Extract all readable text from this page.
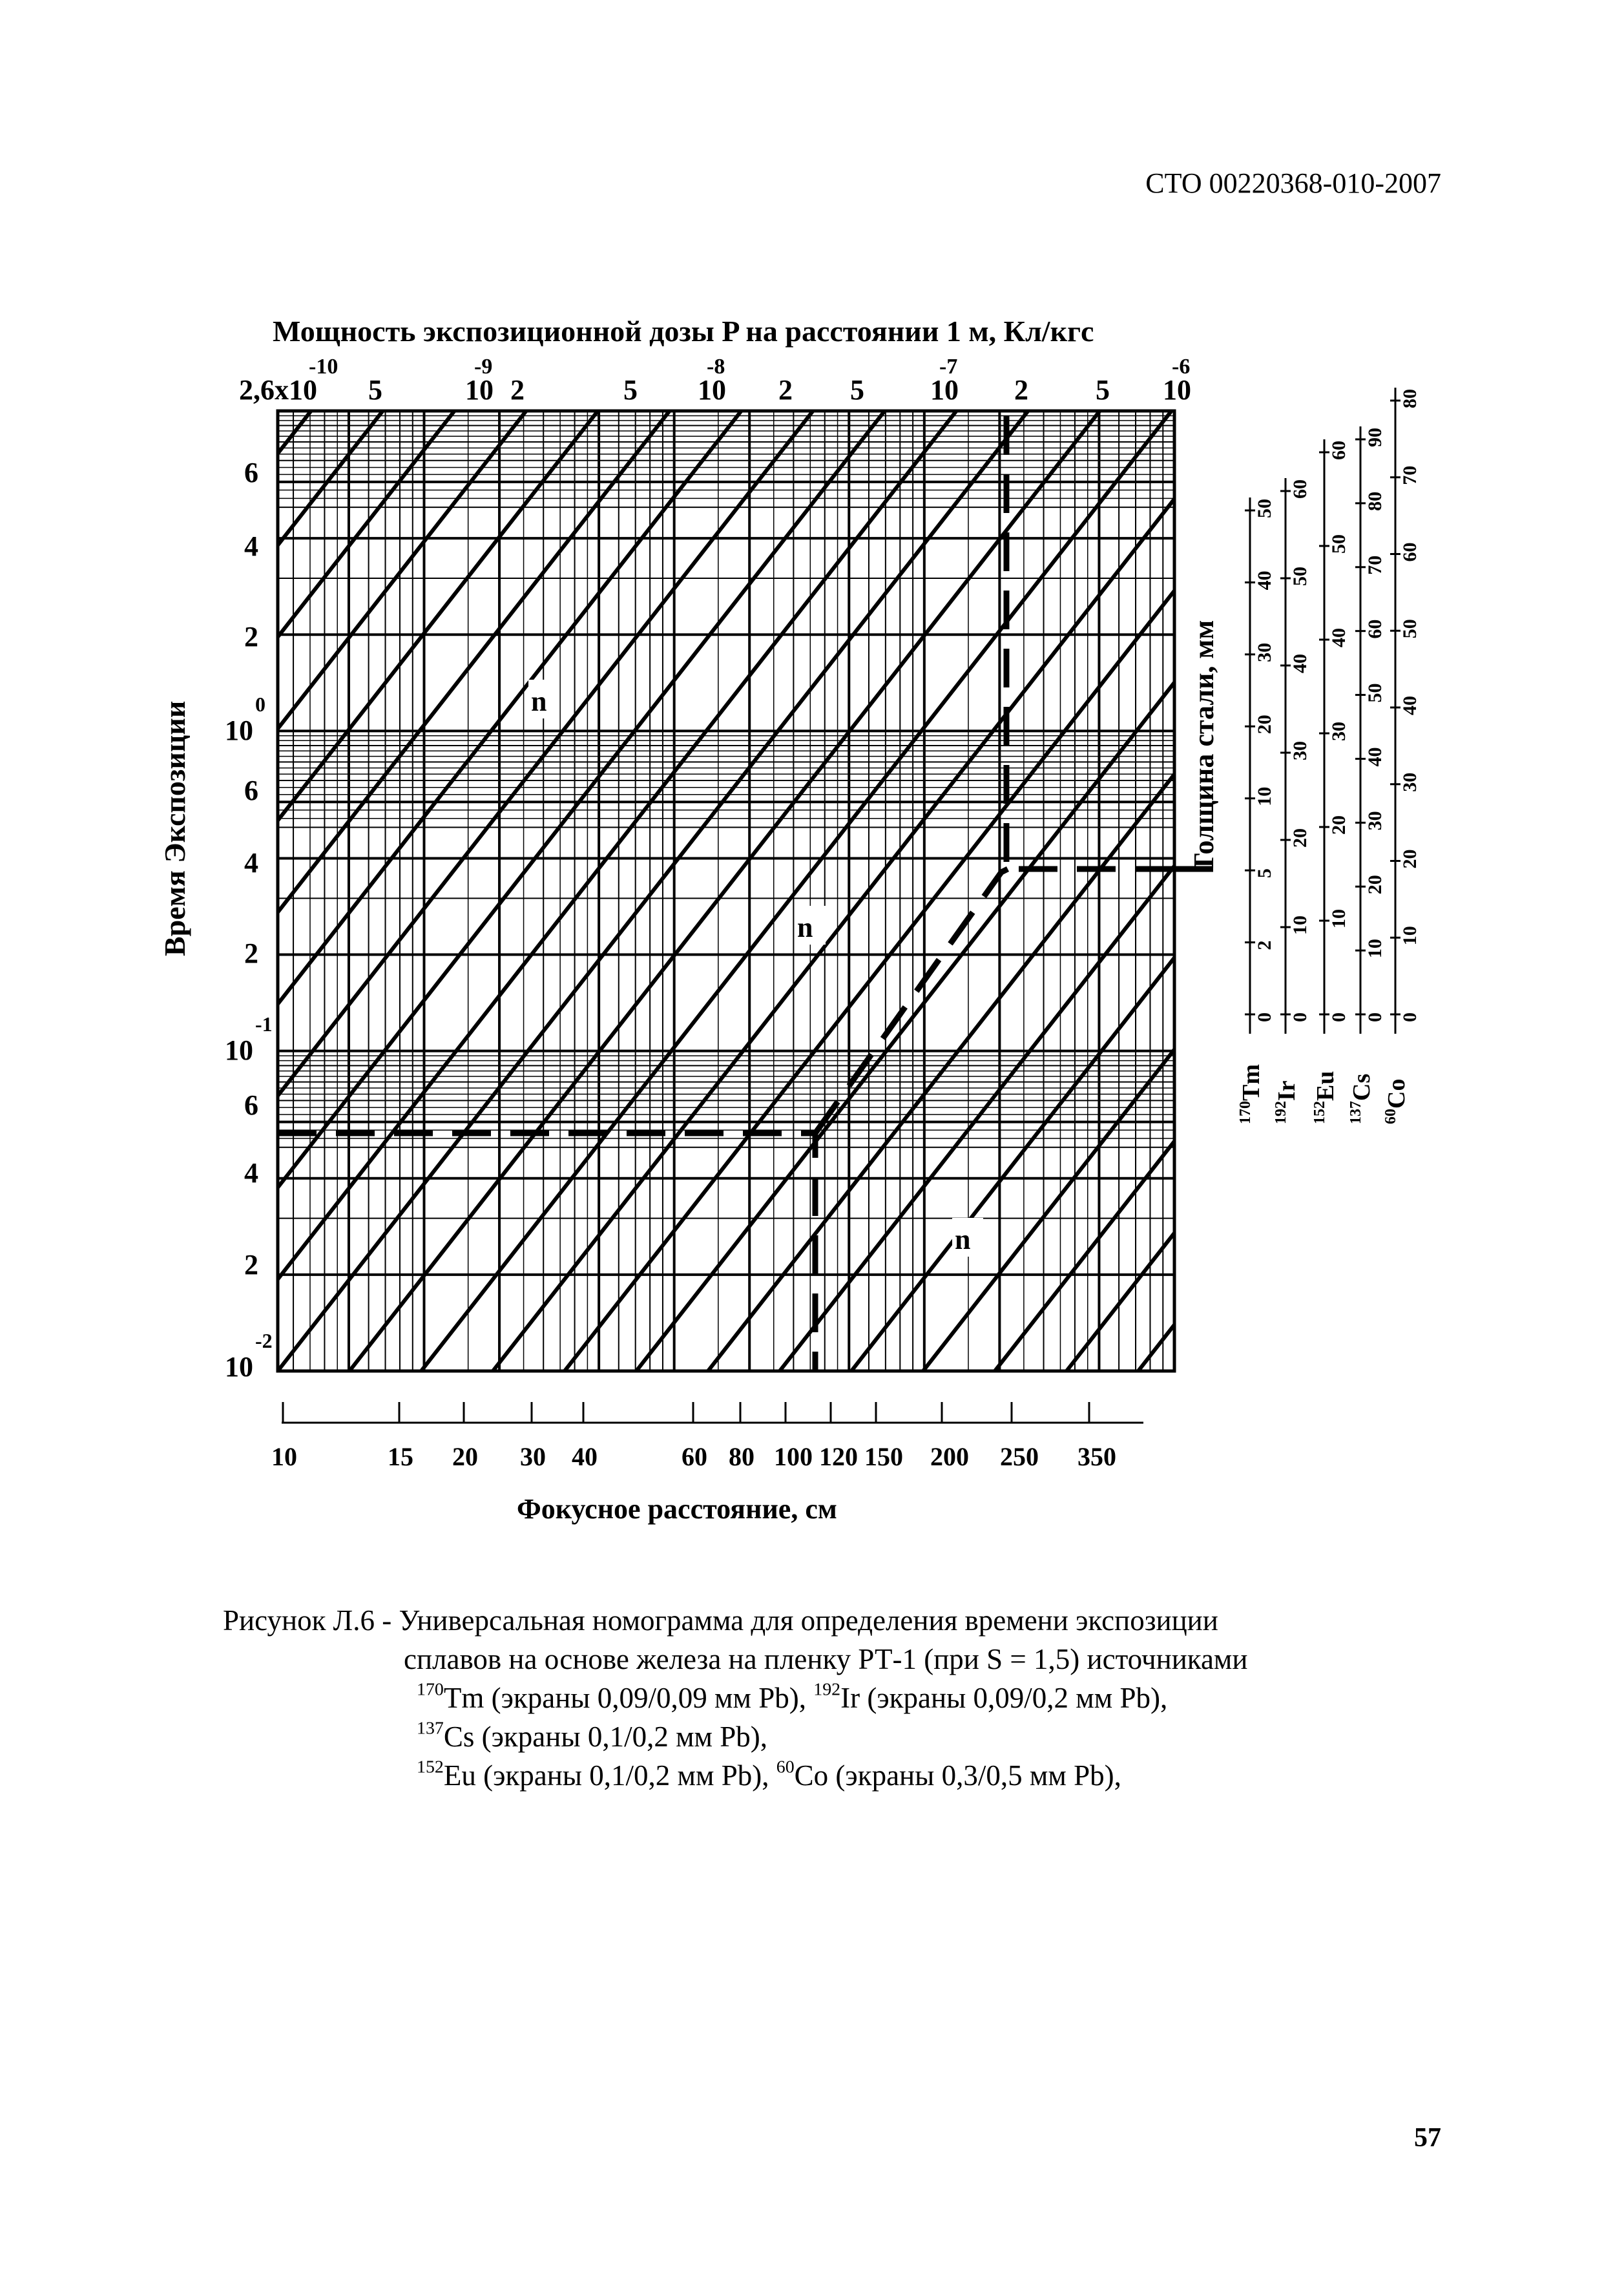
СТО 00220368-010-2007
10	15 20 30 40	60 80 100 120 150 200 250 350
0
2
5
10
20
30
40
50
$^{170}$Tm
0
10
20
30
40
50
60
$^{192}$Ir
0
10
20
30
40
50
60
$^{152}$Eu
0
10
20
30
40
50
60
70
80
90
$^{137}$Cs
0
10
20
30
40
50
60
70
80
$^{60}$Co
Мощность экспозиционной дозы P на расстоянии 1 м, Кл/кгс
2,6x10
-10
5	10
-9
2	5 10
-8
2 5 10
-7
2 5 10
-6
6
4
2
10
0
6
4
2
10
-1
6
4
2
10
-2
Время Экспозиции
Фокусное расстояние, см
n
n
n
Толщина стали, мм
Рисунок Л.6 - Универсальная номограмма для определения времени экспозиции
сплавов на основе железа на пленку РТ-1 (при S = 1,5) источниками
$^{170}$Tm (экраны 0,09/0,09 мм Pb), $^{192}$Ir (экраны 0,09/0,2 мм Pb),
$^{137}$Cs (экраны 0,1/0,2 мм Pb),
$^{152}$Eu (экраны 0,1/0,2 мм Pb), $^{60}$Co (экраны 0,3/0,5 мм Pb),
57
